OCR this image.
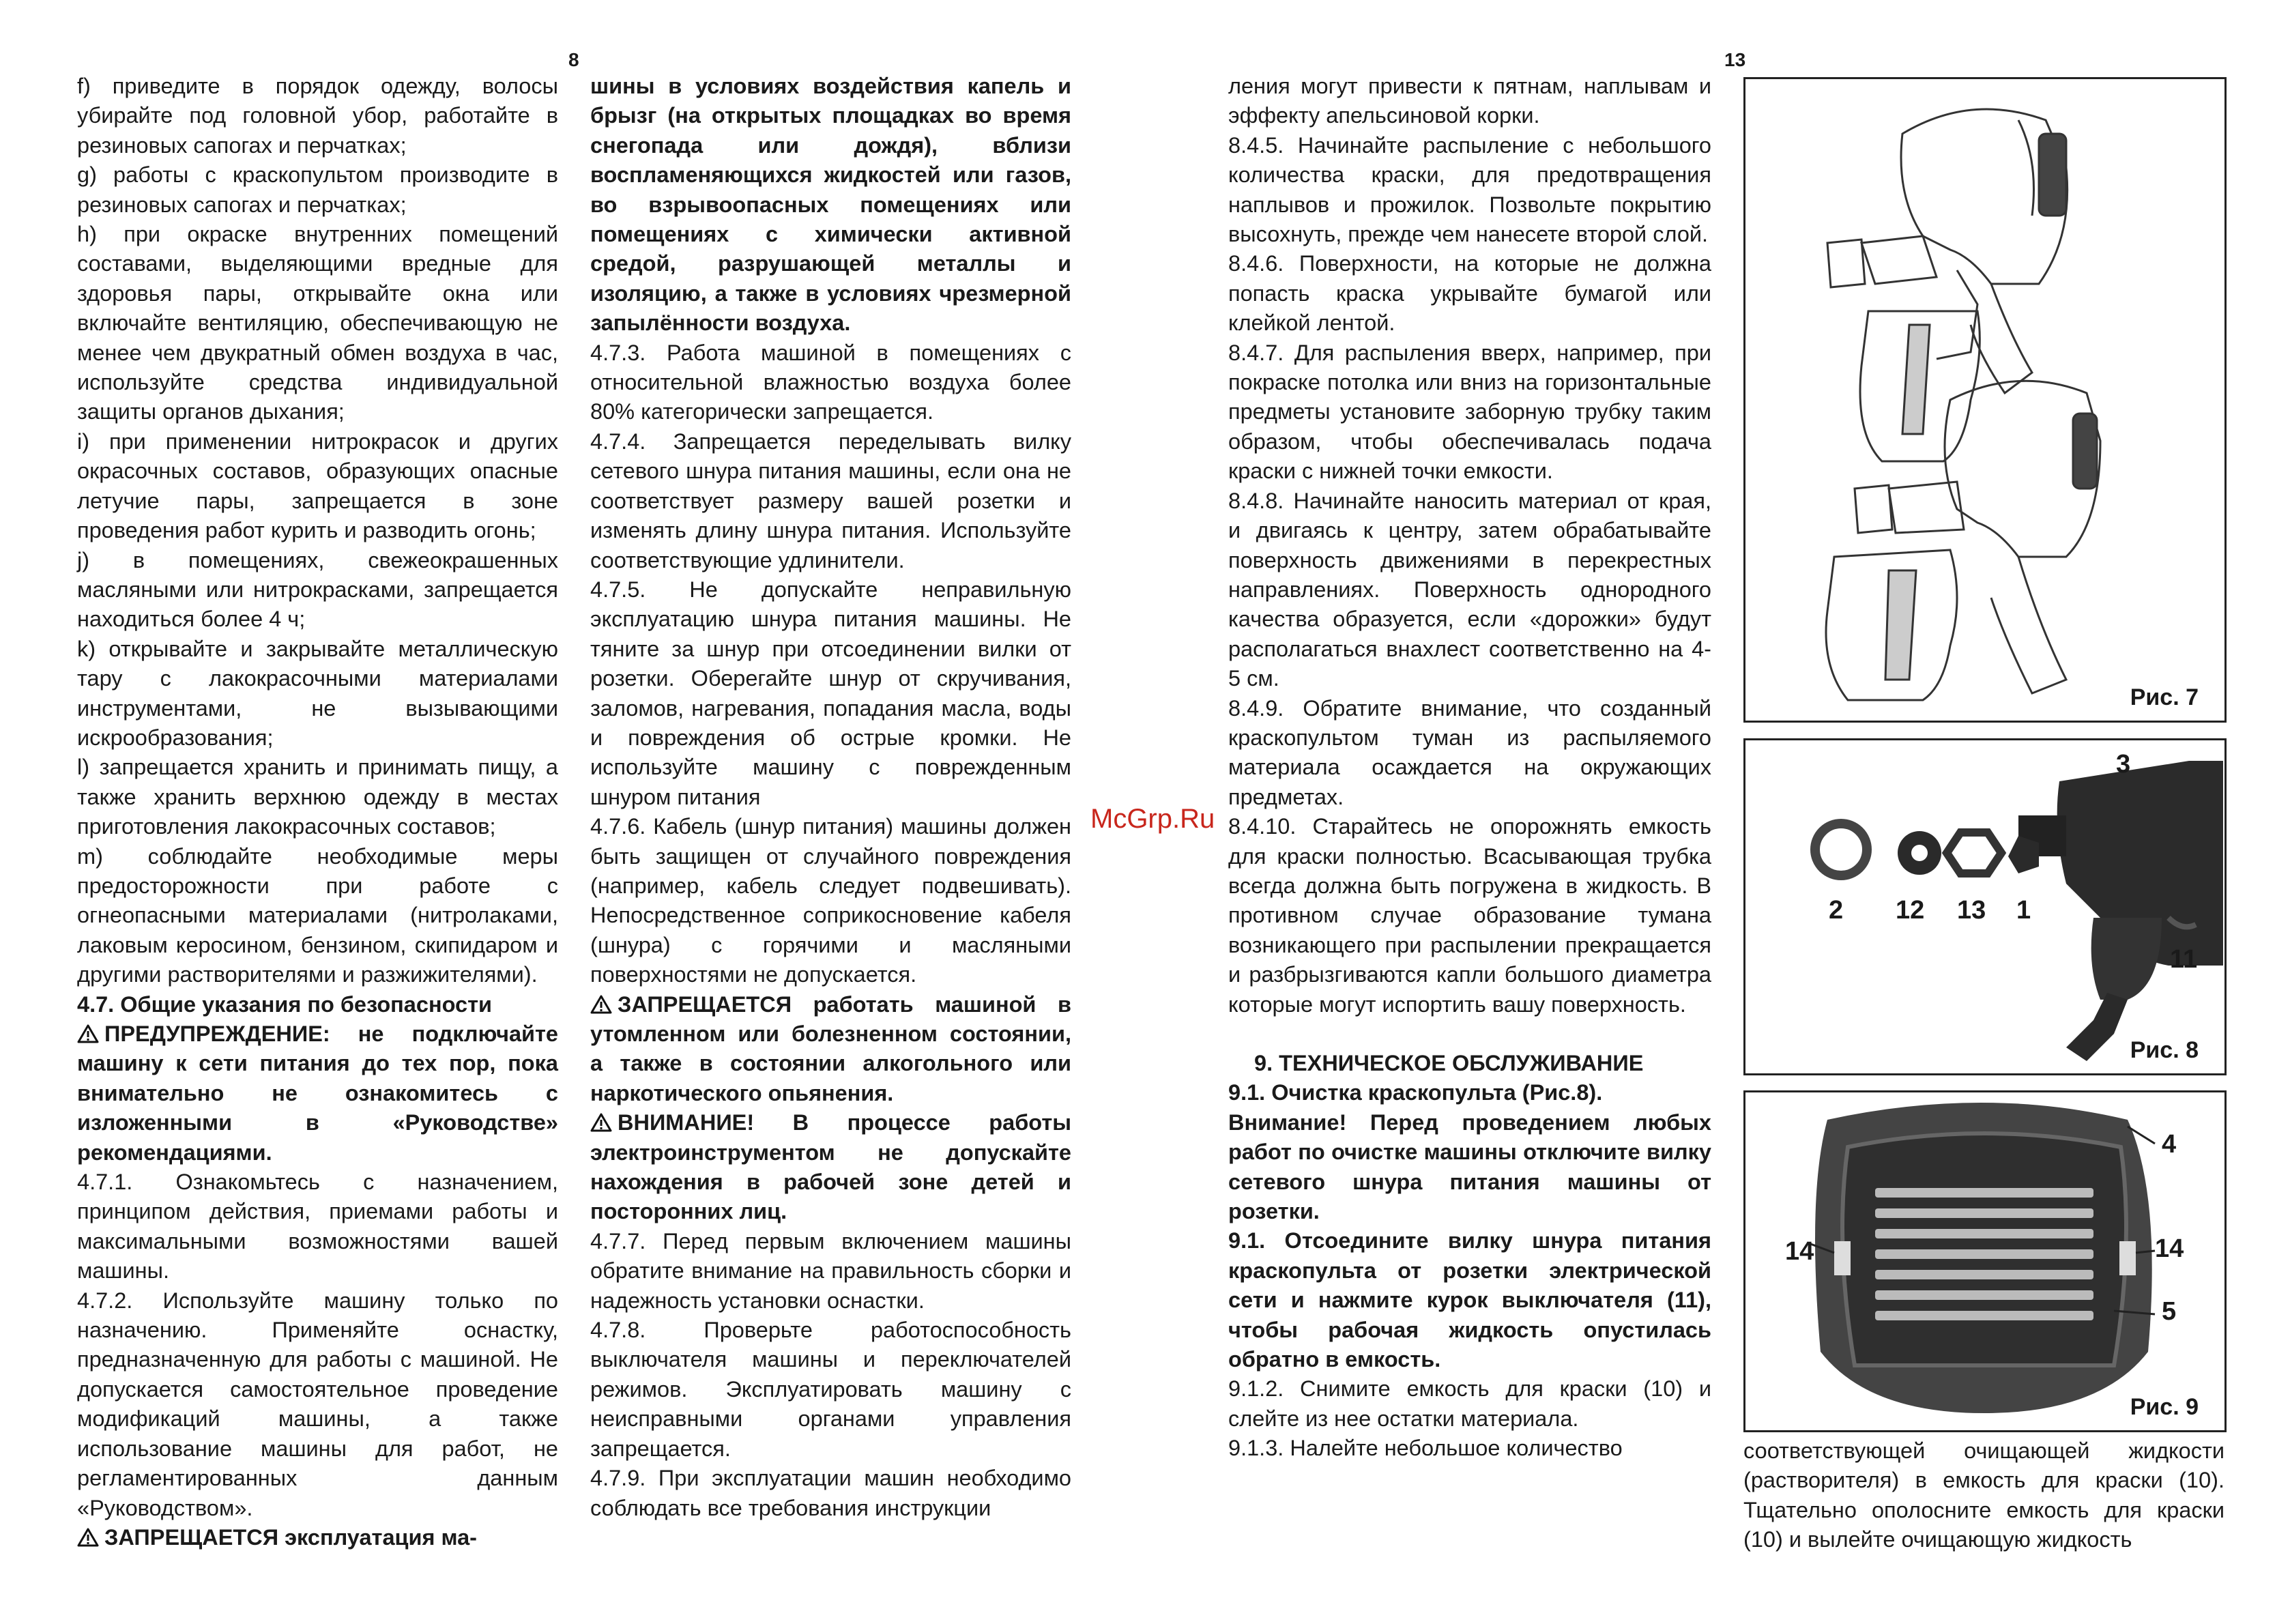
8	13

f) приведите в порядок одежду, волосы убирайте под головной убор, работайте в резиновых сапогах и перчатках;

g) работы с краскопультом производите в резиновых сапогах и перчатках;

h) при окраске внутренних помещений составами, выделяющими вредные для здоровья пары, открывайте окна или включайте вентиляцию, обеспечивающую не менее чем двукратный обмен воздуха в час, используйте средства индивидуальной защиты органов дыхания;

i) при применении нитрокрасок и других окрасочных составов, образующих опасные летучие пары, запрещается в зоне проведения работ курить и разводить огонь;

j) в помещениях, свежеокрашенных масляными или нитрокрасками, запрещается находиться более 4 ч;

k) открывайте и закрывайте металлическую тару с лакокрасочными материалами инструментами, не вызывающими искрообразования;

l) запрещается хранить и принимать пищу, а также хранить верхнюю одежду в местах приготовления лакокрасочных составов;

m) соблюдайте необходимые меры предосторожности при работе с огнеопасными материалами (нитролаками, лаковым керосином, бензином, скипидаром и другими растворителями и разжижителями).

4.7. Общие указания по безопасности

ПРЕДУПРЕЖДЕНИЕ: не подключайте машину к сети питания до тех пор, пока внимательно не ознакомитесь с изложенными в «Руководстве» рекомендациями.

4.7.1. Ознакомьтесь с назначением, принципом действия, приемами работы и максимальными возможностями вашей машины.

4.7.2. Используйте машину только по назначению. Применяйте оснастку, предназначенную для работы с машиной. Не допускается самостоятельное проведение модификаций машины, а также использование машины для работ, не регламентированных данным «Руководством».

ЗАПРЕЩАЕТСЯ эксплуатация ма-

шины в условиях воздействия капель и брызг (на открытых площадках во время снегопада или дождя), вблизи воспламеняющихся жидкостей или газов, во взрывоопасных помещениях или помещениях с химически активной средой, разрушающей металлы и изоляцию, а также в условиях чрезмерной запылённости воздуха.

4.7.3. Работа машиной в помещениях с относительной влажностью воздуха более 80% категорически запрещается.

4.7.4. Запрещается переделывать вилку сетевого шнура питания машины, если она не соответствует размеру вашей розетки и изменять длину шнура питания. Используйте соответствующие удлинители.

4.7.5. Не допускайте неправильную эксплуатацию шнура питания машины. Не тяните за шнур при отсоединении вилки от розетки. Оберегайте шнур от скручивания, заломов, нагревания, попадания масла, воды и повреждения об острые кромки. Не используйте машину с поврежденным шнуром питания

4.7.6. Кабель (шнур питания) машины должен быть защищен от случайного повреждения (например, кабель следует подвешивать). Непосредственное соприкосновение кабеля (шнура) с горячими и масляными поверхностями не допускается.

ЗАПРЕЩАЕТСЯ работать машиной в утомленном или болезненном состоянии, а также в состоянии алкогольного или наркотического опьянения.

ВНИМАНИЕ! В процессе работы электроинструментом не допускайте нахождения в рабочей зоне детей и посторонних лиц.

4.7.7. Перед первым включением машины обратите внимание на правильность сборки и надежность установки оснастки.

4.7.8. Проверьте работоспособность выключателя машины и переключателей режимов. Эксплуатировать машину с неисправными органами управления запрещается.

4.7.9. При эксплуатации машин необходимо соблюдать все требования инструкции

McGrp.Ru

ления могут привести к пятнам, наплывам и эффекту апельсиновой корки.

8.4.5. Начинайте распыление с небольшого количества краски, для предотвращения наплывов и прожилок. Позвольте покрытию высохнуть, прежде чем нанесете второй слой.

8.4.6. Поверхности, на которые не должна попасть краска укрывайте бумагой или клейкой лентой.

8.4.7. Для распыления вверх, например, при покраске потолка или вниз на горизонтальные предметы установите заборную трубку таким образом, чтобы обеспечивалась подача краски с нижней точки емкости.

8.4.8. Начинайте наносить материал от края, и двигаясь к центру, затем обрабатывайте поверхность движениями в перекрестных направлениях. Поверхность однородного качества образуется, если «дорожки» будут располагаться внахлест соответственно на 4-5 см.

8.4.9. Обратите внимание, что созданный краскопультом туман из распыляемого материала осаждается на окружающих предметах.

8.4.10. Старайтесь не опорожнять емкость для краски полностью. Всасывающая трубка всегда должна быть погружена в жидкость. В противном случае образование тумана возникающего при распылении прекращается и разбрызгиваются капли большого диаметра которые могут испортить вашу поверхность.

9. ТЕХНИЧЕСКОЕ ОБСЛУЖИВАНИЕ

9.1. Очистка краскопульта (Рис.8).

Внимание! Перед проведением любых работ по очистке машины отключите вилку сетевого шнура питания машины от розетки.

9.1. Отсоедините вилку шнура питания краскопульта от розетки электрической сети и нажмите курок выключателя (11), чтобы рабочая жидкость опустилась обратно в емкость.

9.1.2. Снимите емкость для краски (10) и слейте из нее остатки материала.

9.1.3. Налейте небольшое количество	соответствующей очищающей жидкости (растворителя) в емкость для краски (10). Тщательно ополосните емкость для краски (10) и вылейте очищающую жидкость

Рис. 7
3
2 12 13 1
11
Рис. 8
4
14	14
5
Рис. 9
